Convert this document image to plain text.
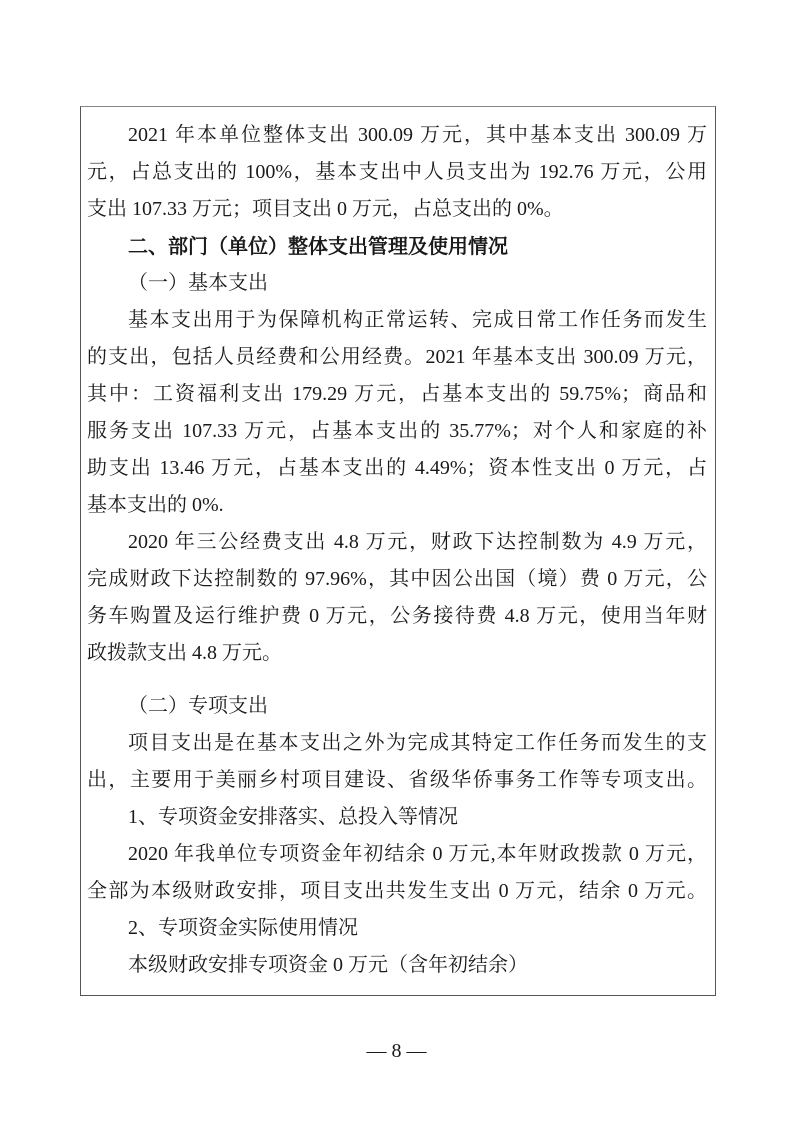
2021 年本单位整体支出 300.09 万元，其中基本支出 300.09 万
元，占总支出的 100%，基本支出中人员支出为 192.76 万元，公用
支出 107.33 万元；项目支出 0 万元，占总支出的 0%。
二、部门（单位）整体支出管理及使用情况
（一）基本支出
基本支出用于为保障机构正常运转、完成日常工作任务而发生
的支出，包括人员经费和公用经费。2021 年基本支出 300.09 万元，
其中：工资福利支出 179.29 万元，占基本支出的 59.75%；商品和
服务支出 107.33 万元，占基本支出的 35.77%；对个人和家庭的补
助支出 13.46 万元，占基本支出的 4.49%；资本性支出 0 万元，占
基本支出的 0%.
2020 年三公经费支出 4.8 万元，财政下达控制数为 4.9 万元，
完成财政下达控制数的 97.96%，其中因公出国（境）费 0 万元，公
务车购置及运行维护费 0 万元，公务接待费 4.8 万元，使用当年财
政拨款支出 4.8 万元。
（二）专项支出
项目支出是在基本支出之外为完成其特定工作任务而发生的支
出，主要用于美丽乡村项目建设、省级华侨事务工作等专项支出。
1、专项资金安排落实、总投入等情况
2020 年我单位专项资金年初结余 0 万元,本年财政拨款 0 万元，
全部为本级财政安排，项目支出共发生支出 0 万元，结余 0 万元。
2、专项资金实际使用情况
本级财政安排专项资金 0 万元（含年初结余）
— 8 —
